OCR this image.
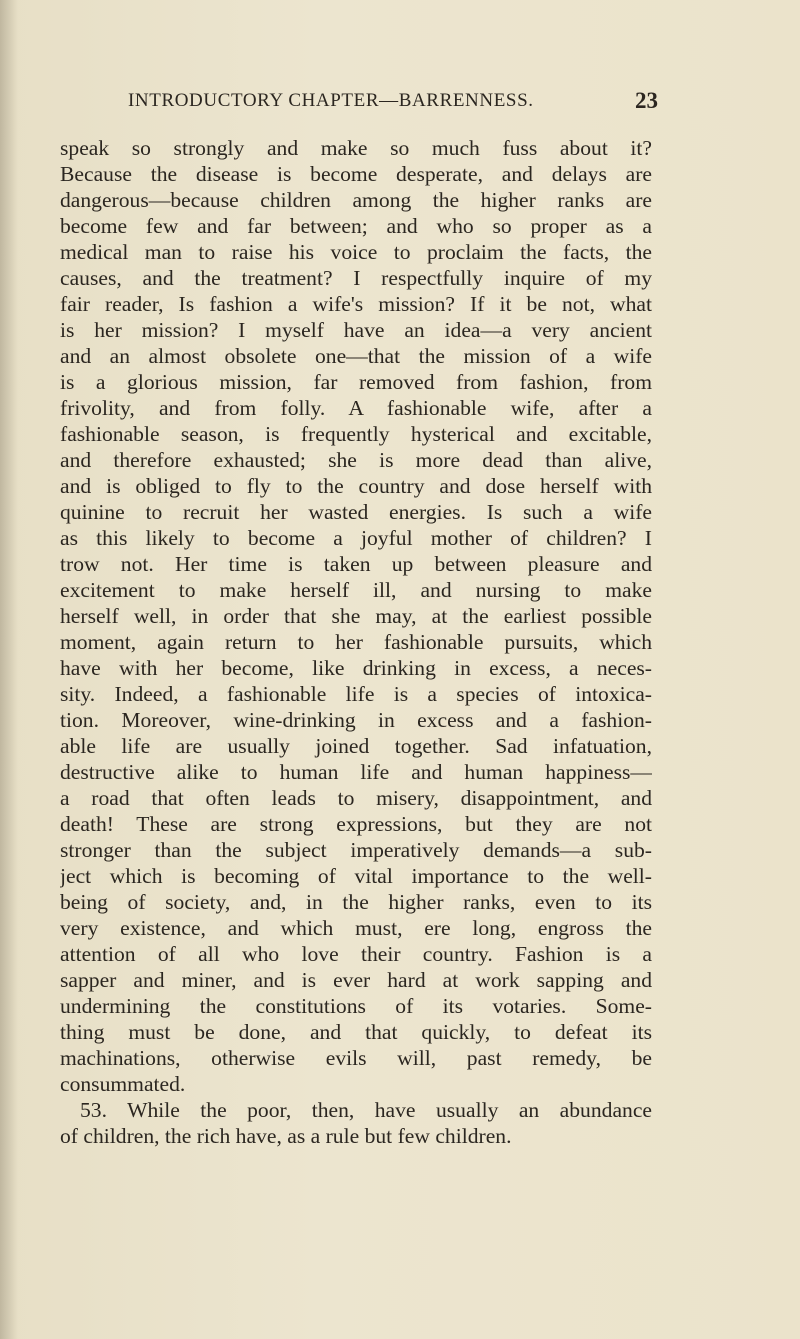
INTRODUCTORY CHAPTER—BARRENNESS.	23
speak so strongly and make so much fuss about it?
Because the disease is become desperate, and delays are
dangerous—because children among the higher ranks are
become few and far between; and who so proper as a
medical man to raise his voice to proclaim the facts, the
causes, and the treatment? I respectfully inquire of my
fair reader, Is fashion a wife's mission? If it be not, what
is her mission? I myself have an idea—a very ancient
and an almost obsolete one—that the mission of a wife
is a glorious mission, far removed from fashion, from
frivolity, and from folly. A fashionable wife, after a
fashionable season, is frequently hysterical and excitable,
and therefore exhausted; she is more dead than alive,
and is obliged to fly to the country and dose herself with
quinine to recruit her wasted energies. Is such a wife
as this likely to become a joyful mother of children? I
trow not. Her time is taken up between pleasure and
excitement to make herself ill, and nursing to make
herself well, in order that she may, at the earliest possible
moment, again return to her fashionable pursuits, which
have with her become, like drinking in excess, a neces-
sity. Indeed, a fashionable life is a species of intoxica-
tion. Moreover, wine-drinking in excess and a fashion-
able life are usually joined together. Sad infatuation,
destructive alike to human life and human happiness—
a road that often leads to misery, disappointment, and
death! These are strong expressions, but they are not
stronger than the subject imperatively demands—a sub-
ject which is becoming of vital importance to the well-
being of society, and, in the higher ranks, even to its
very existence, and which must, ere long, engross the
attention of all who love their country. Fashion is a
sapper and miner, and is ever hard at work sapping and
undermining the constitutions of its votaries. Some-
thing must be done, and that quickly, to defeat its
machinations, otherwise evils will, past remedy, be
consummated.
53. While the poor, then, have usually an abundance
of children, the rich have, as a rule but few children.
